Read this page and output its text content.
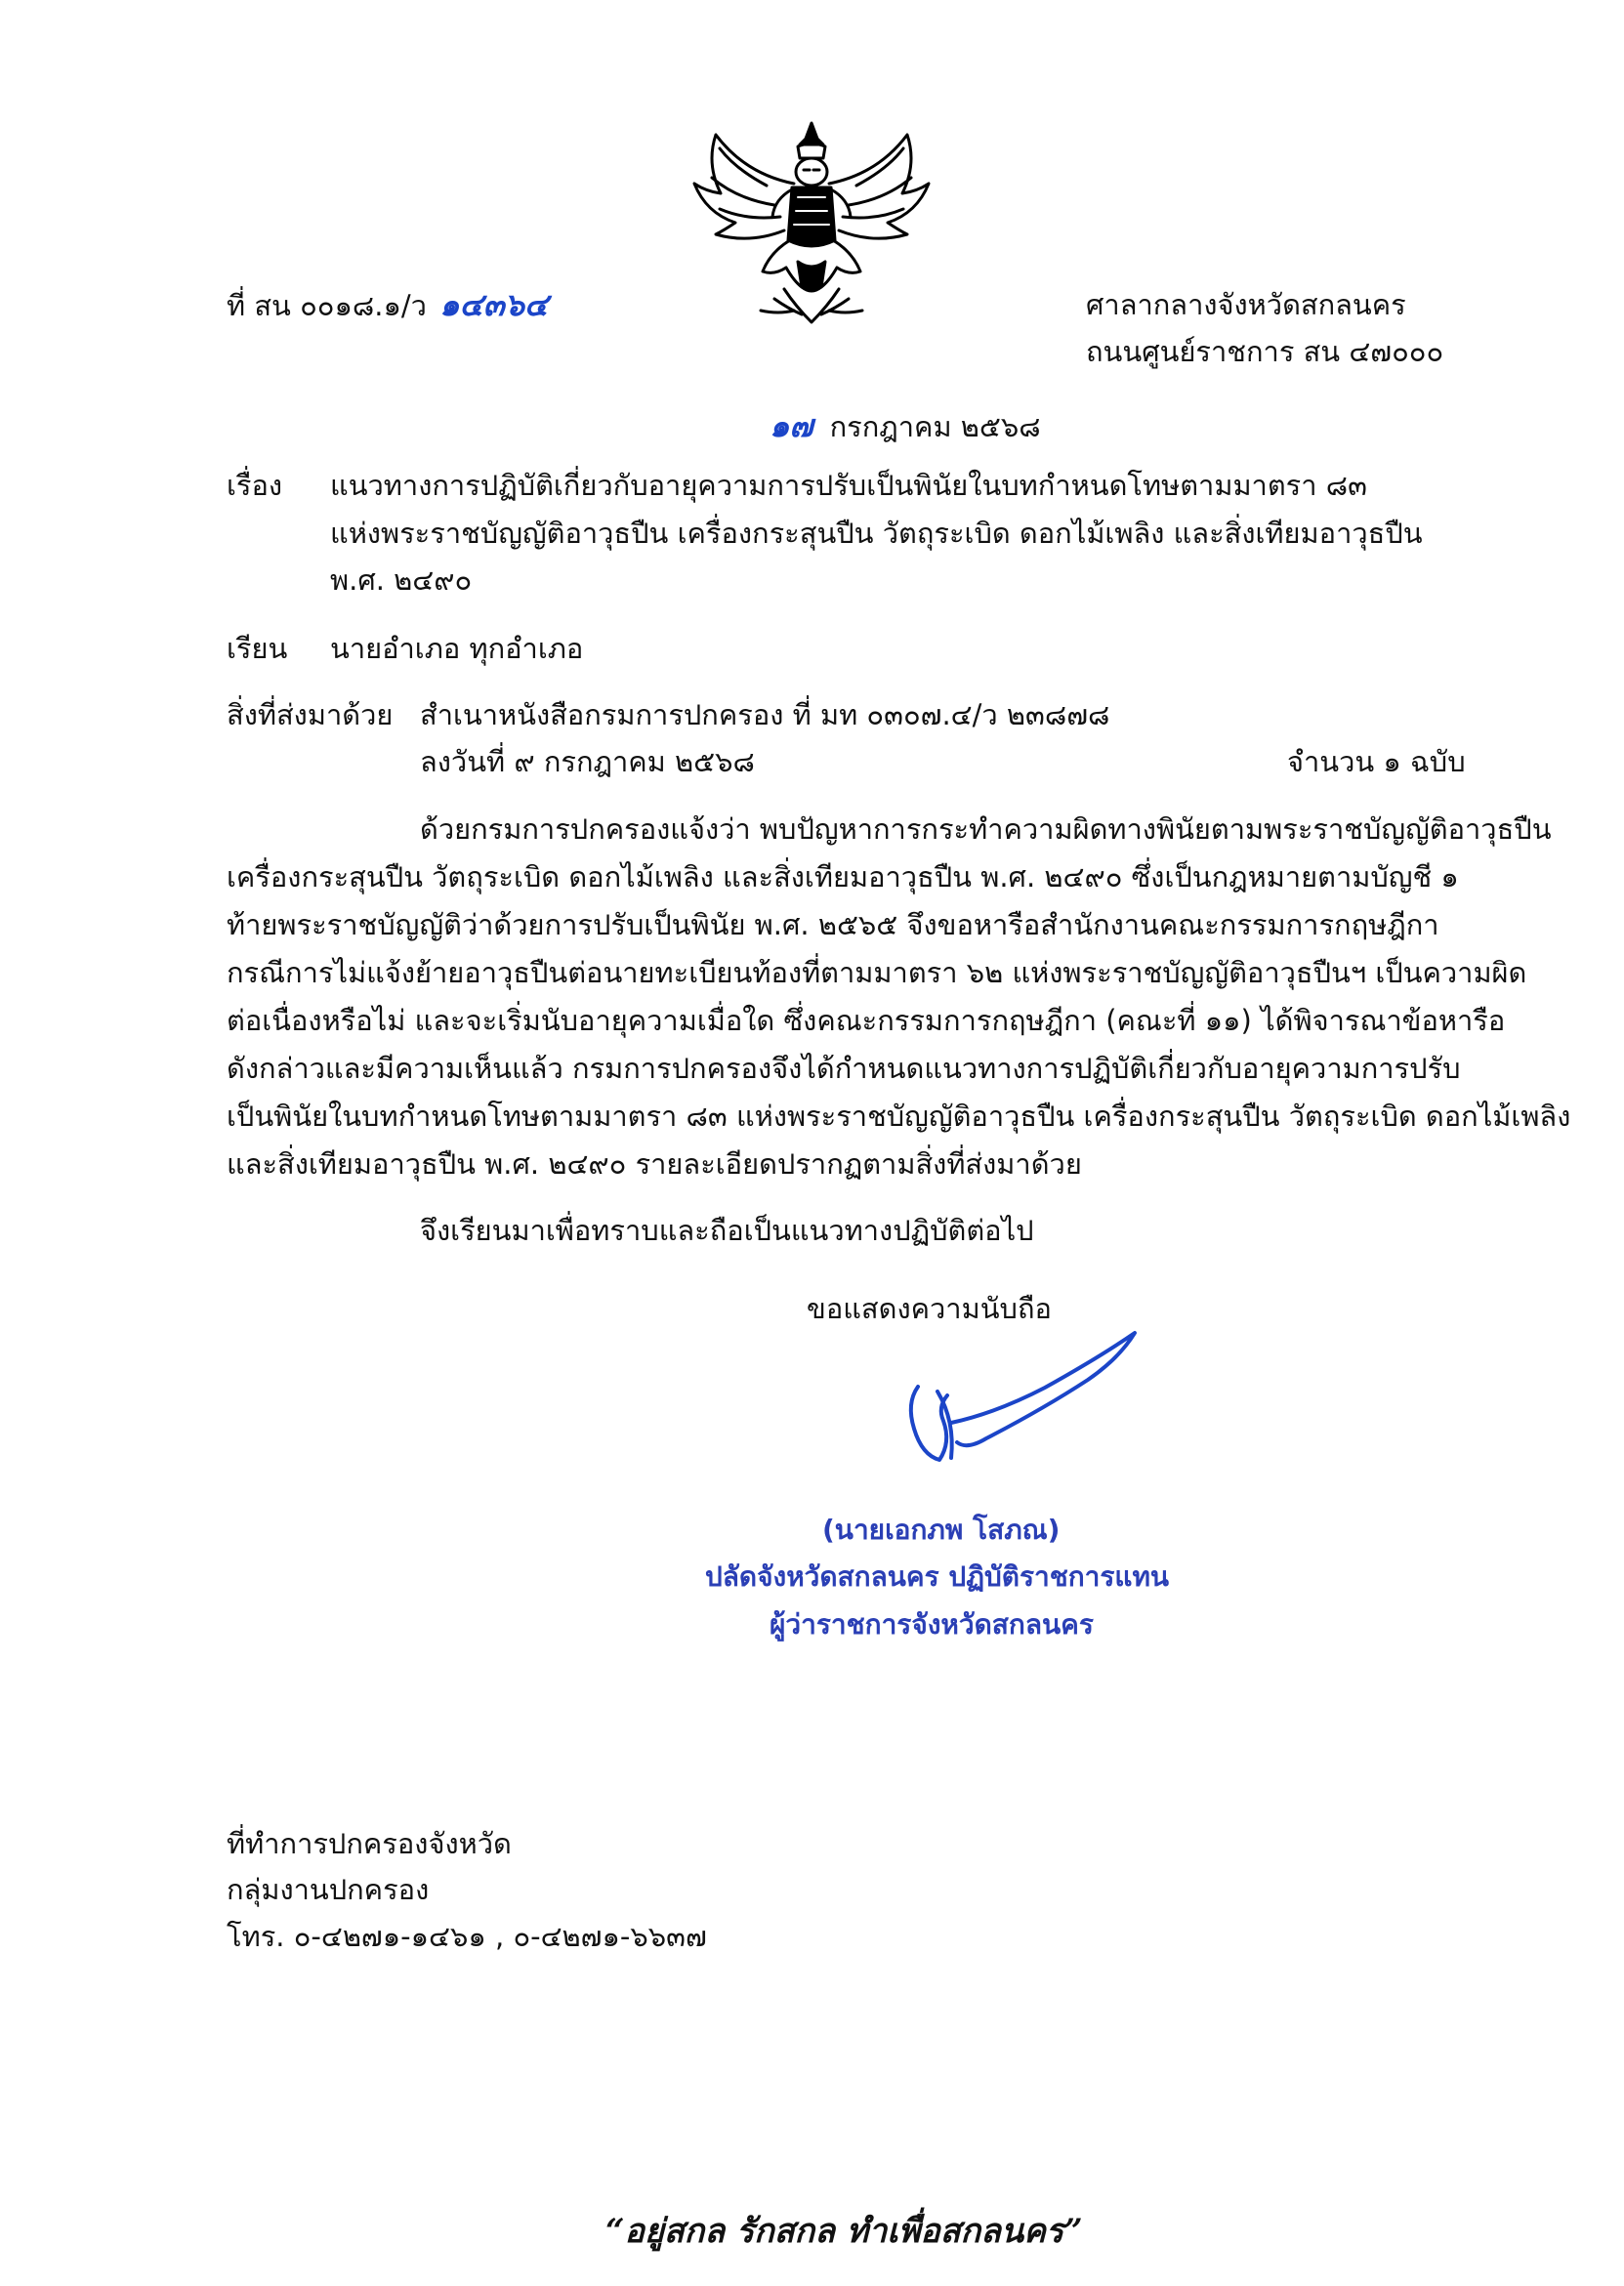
ที่ สน ๐๐๑๘.๑/ว ๑๔๓๖๔	ศาลากลางจังหวัดสกลนคร
ถนนศูนย์ราชการ สน ๔๗๐๐๐
๑๗ กรกฎาคม ๒๕๖๘
เรื่อง แนวทางการปฏิบัติเกี่ยวกับอายุความการปรับเป็นพินัยในบทกำหนดโทษตามมาตรา ๘๓
แห่งพระราชบัญญัติอาวุธปืน เครื่องกระสุนปืน วัตถุระเบิด ดอกไม้เพลิง และสิ่งเทียมอาวุธปืน
พ.ศ. ๒๔๙๐
เรียน นายอำเภอ ทุกอำเภอ
สิ่งที่ส่งมาด้วย สำเนาหนังสือกรมการปกครอง ที่ มท ๐๓๐๗.๔/ว ๒๓๘๗๘
ลงวันที่ ๙ กรกฎาคม ๒๕๖๘	จำนวน ๑ ฉบับ
ด้วยกรมการปกครองแจ้งว่า พบปัญหาการกระทำความผิดทางพินัยตามพระราชบัญญัติอาวุธปืน
เครื่องกระสุนปืน วัตถุระเบิด ดอกไม้เพลิง และสิ่งเทียมอาวุธปืน พ.ศ. ๒๔๙๐ ซึ่งเป็นกฎหมายตามบัญชี ๑
ท้ายพระราชบัญญัติว่าด้วยการปรับเป็นพินัย พ.ศ. ๒๕๖๕ จึงขอหารือสำนักงานคณะกรรมการกฤษฎีกา
กรณีการไม่แจ้งย้ายอาวุธปืนต่อนายทะเบียนท้องที่ตามมาตรา ๖๒ แห่งพระราชบัญญัติอาวุธปืนฯ เป็นความผิด
ต่อเนื่องหรือไม่ และจะเริ่มนับอายุความเมื่อใด ซึ่งคณะกรรมการกฤษฎีกา (คณะที่ ๑๑) ได้พิจารณาข้อหารือ
ดังกล่าวและมีความเห็นแล้ว กรมการปกครองจึงได้กำหนดแนวทางการปฏิบัติเกี่ยวกับอายุความการปรับ
เป็นพินัยในบทกำหนดโทษตามมาตรา ๘๓ แห่งพระราชบัญญัติอาวุธปืน เครื่องกระสุนปืน วัตถุระเบิด ดอกไม้เพลิง
และสิ่งเทียมอาวุธปืน พ.ศ. ๒๔๙๐ รายละเอียดปรากฏตามสิ่งที่ส่งมาด้วย
จึงเรียนมาเพื่อทราบและถือเป็นแนวทางปฏิบัติต่อไป
ขอแสดงความนับถือ
(นายเอกภพ โสภณ)
ปลัดจังหวัดสกลนคร ปฏิบัติราชการแทน
ผู้ว่าราชการจังหวัดสกลนคร
ที่ทำการปกครองจังหวัด
กลุ่มงานปกครอง
โทร. ๐-๔๒๗๑-๑๔๖๑ , ๐-๔๒๗๑-๖๖๓๗
“อยู่สกล รักสกล ทำเพื่อสกลนคร”
